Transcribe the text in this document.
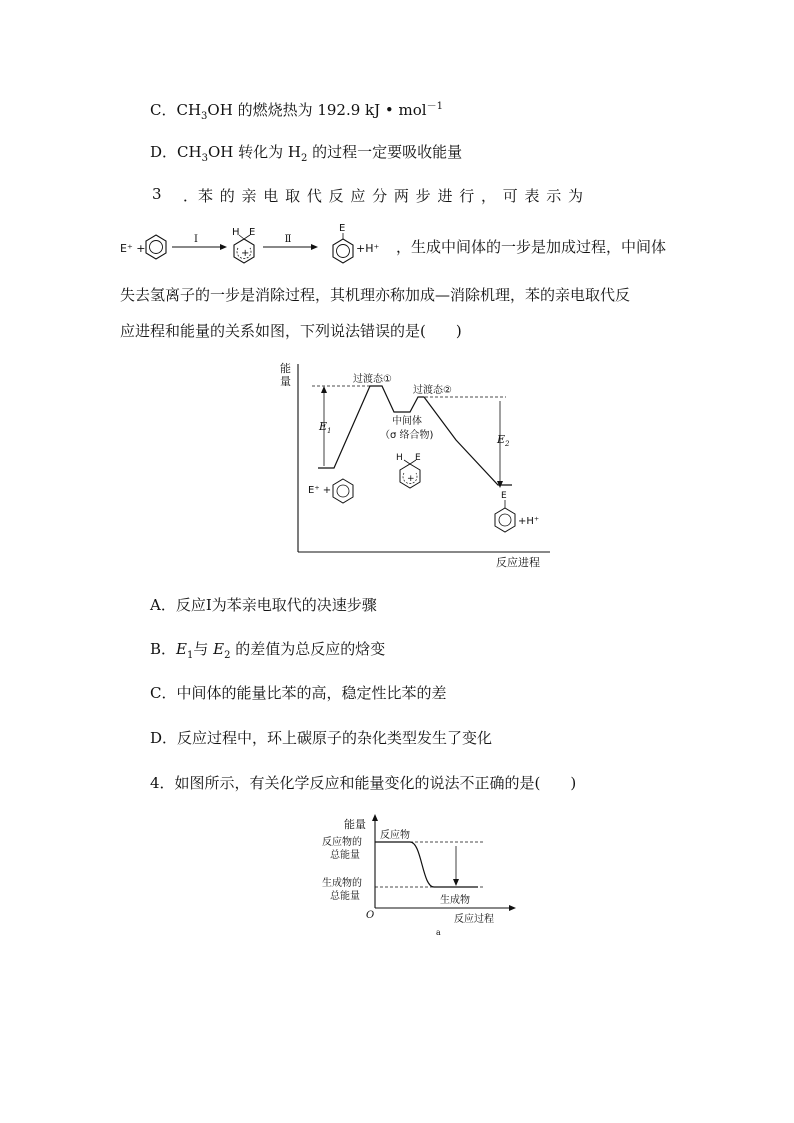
C．$CH_3OH$ 的燃烧热为 192.9 kJ • mol$^{-1}$
D．$CH_3OH$ 转化为 $H_2$ 的过程一定要吸收能量
3 ．苯 的 亲 电 取 代 反 应 分 两 步 进 行 ， 可 表 示 为
E⁺ +
Ⅰ
H E
+
Ⅱ
E
+H⁺ ，生成中间体的一步是加成过程，中间体
失去氢离子的一步是消除过程，其机理亦称加成—消除机理，苯的亲电取代反
应进程和能量的关系如图，下列说法错误的是(　　)
能
量
$E_1$
$E_2$
过渡态①
过渡态②
中间体
（σ 络合物)
H E
+
E⁺ +	E
+H⁺
反应进程
A．反应Ⅰ为苯亲电取代的决速步骤
B．$E_1$与 $E_2$ 的差值为总反应的焓变
C．中间体的能量比苯的高，稳定性比苯的差
D．反应过程中，环上碳原子的杂化类型发生了变化
4．如图所示，有关化学反应和能量变化的说法不正确的是(　　)
能量
反应物的
总能量
生成物的
总能量
反应物
生成物
O	反应过程
a
